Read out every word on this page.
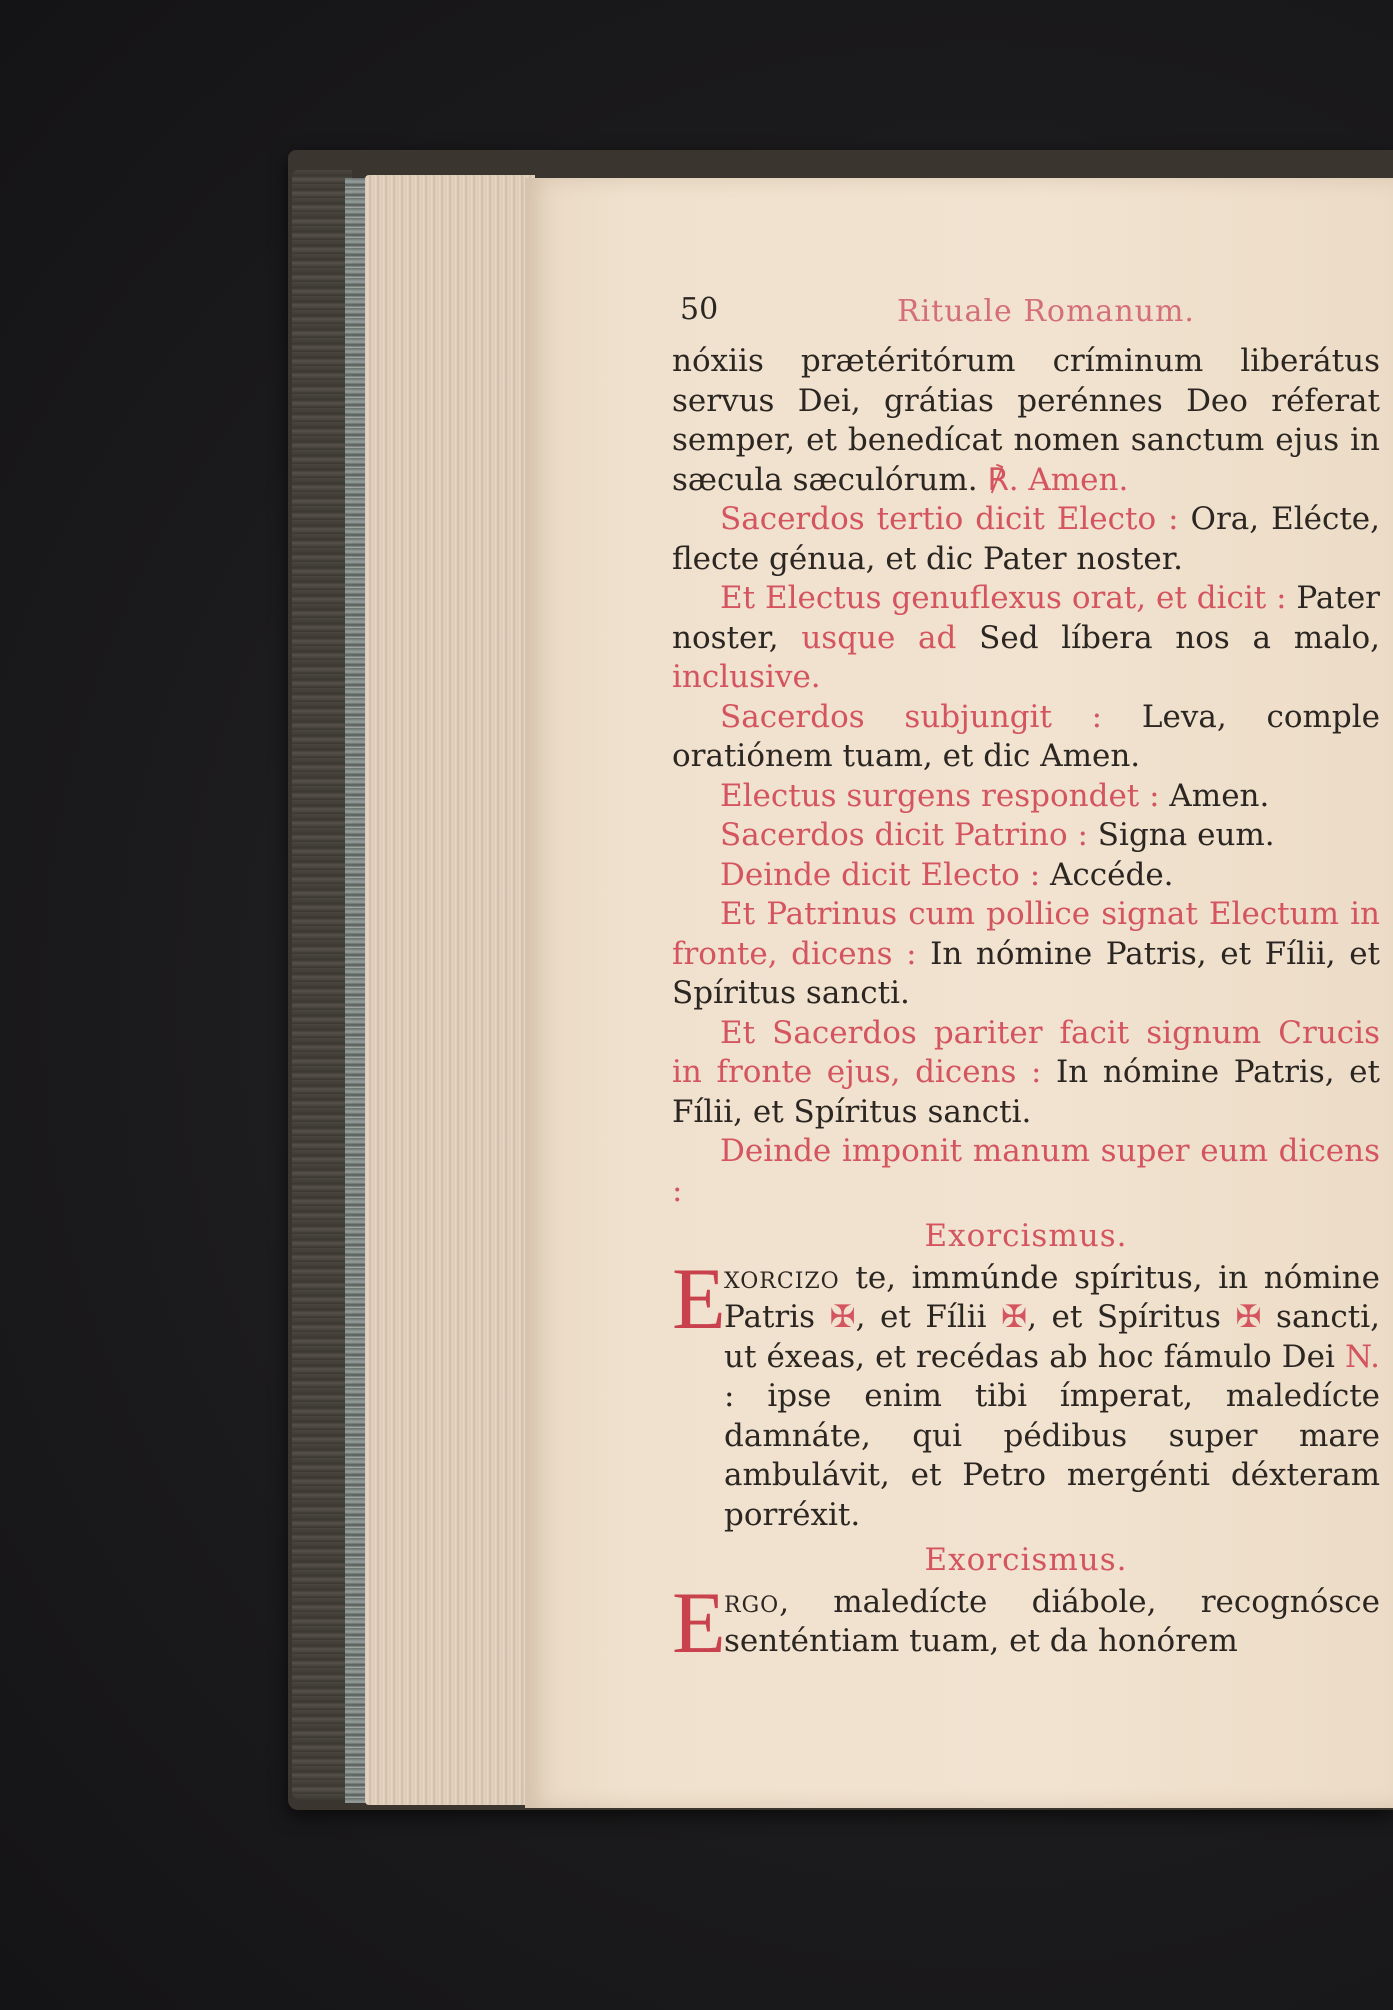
50	Rituale Romanum.

nóxiis prætéritórum críminum liberátus servus Dei, grátias perénnes Deo réferat semper, et benedícat nomen sanctum ejus in sæcula sæculórum. ℟. Amen.

Sacerdos tertio dicit Electo : Ora, Elécte, flecte génua, et dic Pater noster.

Et Electus genuflexus orat, et dicit : Pater noster, usque ad Sed líbera nos a malo, inclusive.

Sacerdos subjungit : Leva, comple oratiónem tuam, et dic Amen.

Electus surgens respondet : Amen.

Sacerdos dicit Patrino : Signa eum.

Deinde dicit Electo : Accéde.

Et Patrinus cum pollice signat Electum in fronte, dicens : In nómine Patris, et Fílii, et Spíritus sancti.

Et Sacerdos pariter facit signum Crucis in fronte ejus, dicens : In nómine Patris, et Fílii, et Spíritus sancti.

Deinde imponit manum super eum dicens :

Exorcismus.

E
xorcizo te, immúnde spíritus, in nómine Patris ✠, et Fílii ✠, et Spíritus ✠ sancti, ut éxeas, et recédas ab hoc fámulo Dei N. : ipse enim tibi ímperat, maledícte damnáte, qui pédibus super mare ambulávit, et Petro mergénti déxteram porréxit.

Exorcismus.

E
rgo, maledícte diábole, recognósce senténtiam tuam, et da honórem
